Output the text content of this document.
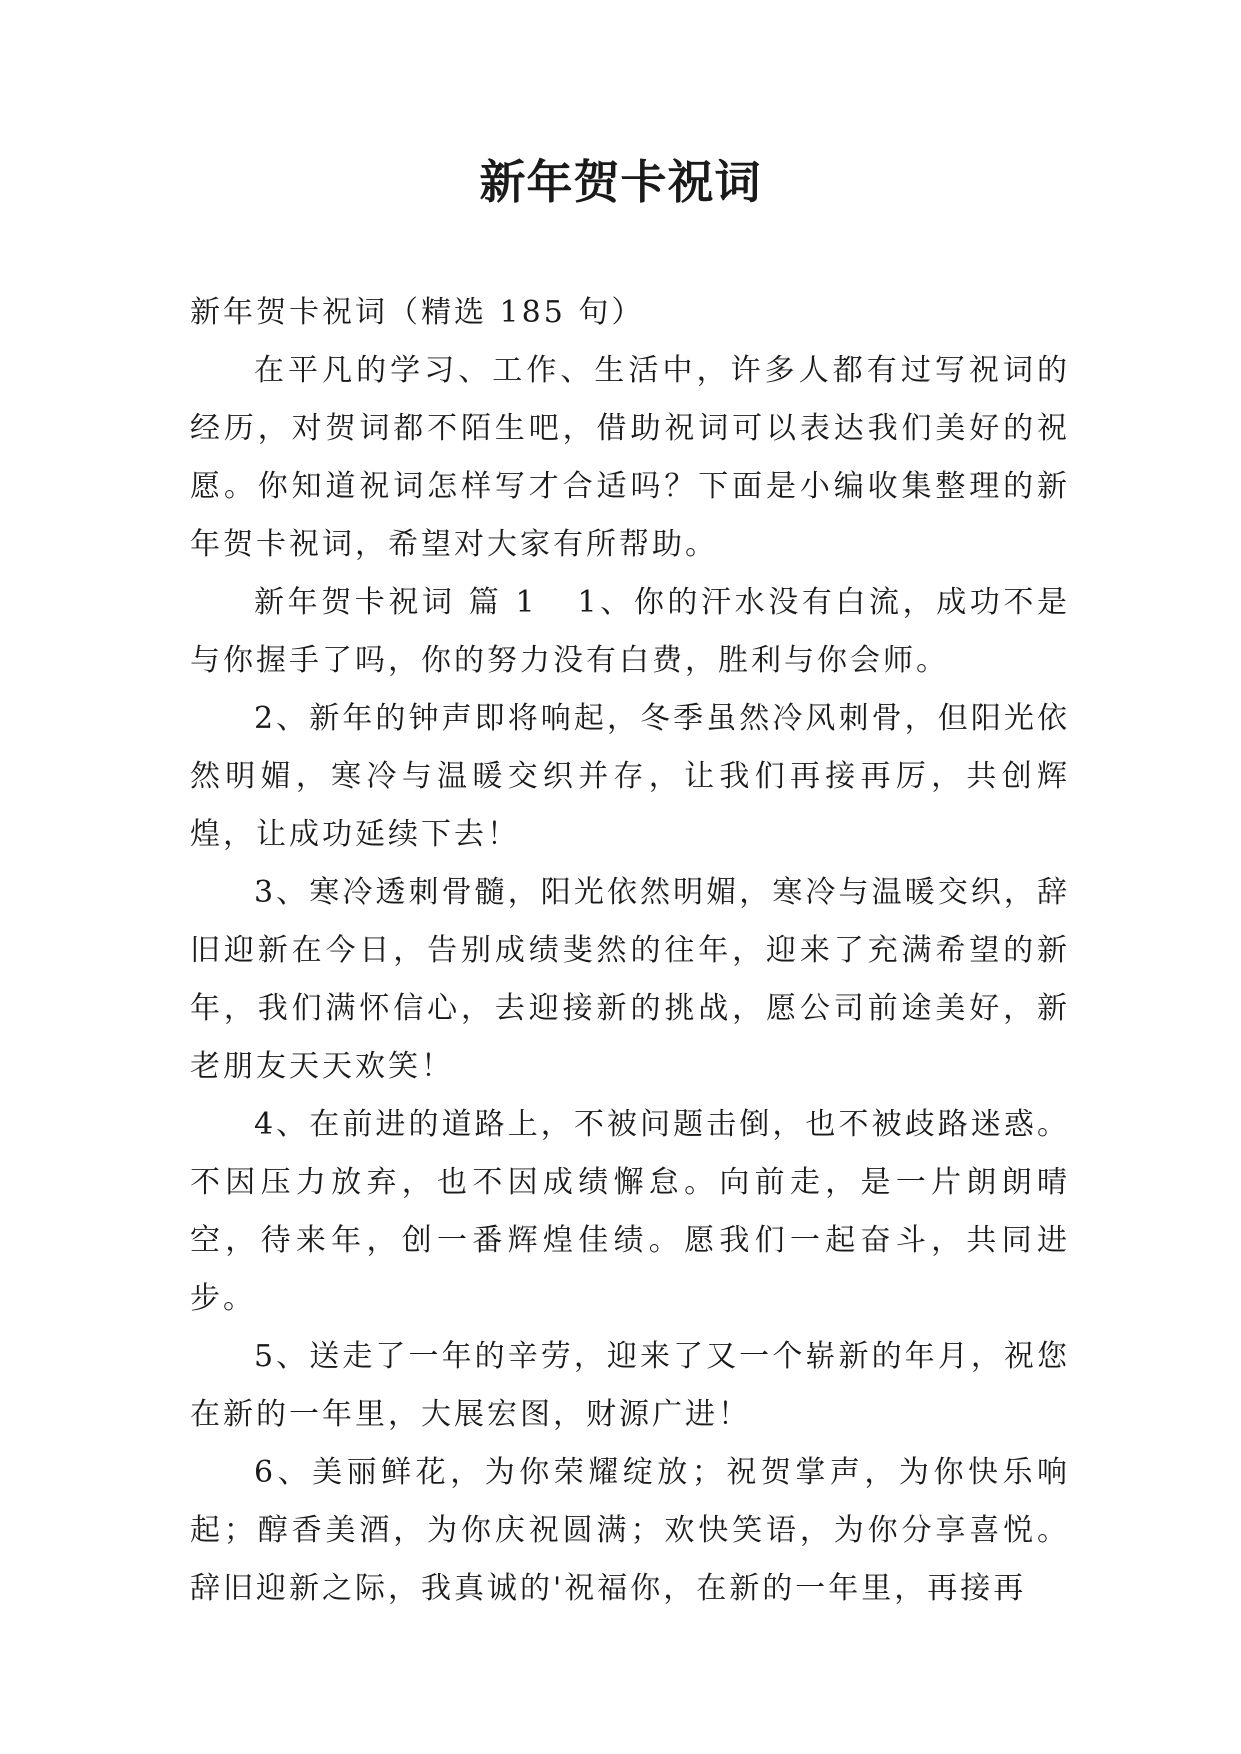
新年贺卡祝词

新年贺卡祝词（精选 185 句）

在平凡的学习、工作、生活中，许多人都有过写祝词的经历，对贺词都不陌生吧，借助祝词可以表达我们美好的祝愿。你知道祝词怎样写才合适吗？下面是小编收集整理的新年贺卡祝词，希望对大家有所帮助。

新年贺卡祝词 篇 1 1、你的汗水没有白流，成功不是与你握手了吗，你的努力没有白费，胜利与你会师。

2、新年的钟声即将响起，冬季虽然冷风刺骨，但阳光依然明媚，寒冷与温暖交织并存，让我们再接再厉，共创辉煌，让成功延续下去！

3、寒冷透刺骨髓，阳光依然明媚，寒冷与温暖交织，辞旧迎新在今日，告别成绩斐然的往年，迎来了充满希望的新年，我们满怀信心，去迎接新的挑战，愿公司前途美好，新老朋友天天欢笑！

4、在前进的道路上，不被问题击倒，也不被歧路迷惑。不因压力放弃，也不因成绩懈怠。向前走，是一片朗朗晴空，待来年，创一番辉煌佳绩。愿我们一起奋斗，共同进步。

5、送走了一年的辛劳，迎来了又一个崭新的年月，祝您在新的一年里，大展宏图，财源广进！

6、美丽鲜花，为你荣耀绽放；祝贺掌声，为你快乐响起；醇香美酒，为你庆祝圆满；欢快笑语，为你分享喜悦。辞旧迎新之际，我真诚的'祝福你，在新的一年里，再接再
